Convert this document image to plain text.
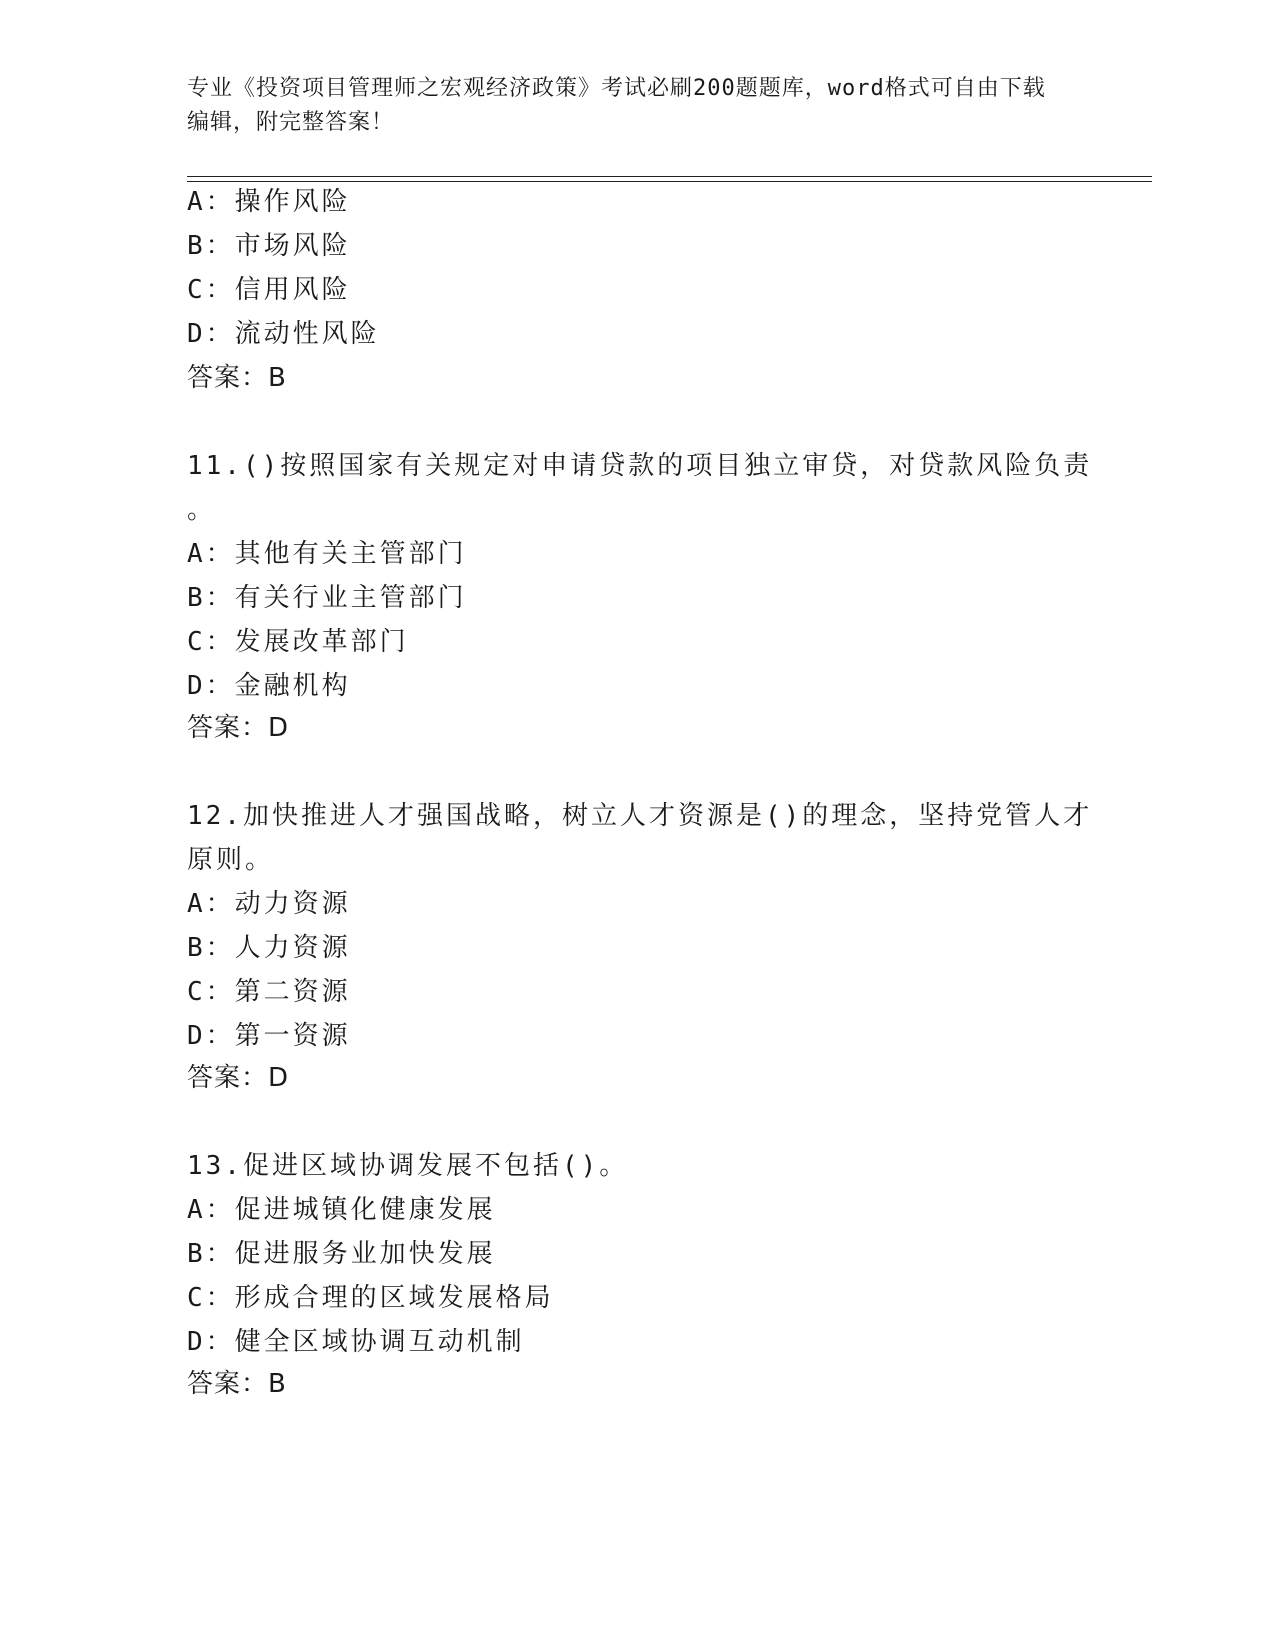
专业《投资项目管理师之宏观经济政策》考试必刷200题题库，word格式可自由下载编辑，附完整答案！
A：操作风险
B：市场风险
C：信用风险
D：流动性风险
答案：B
11.()按照国家有关规定对申请贷款的项目独立审贷，对贷款风险负责
。
A：其他有关主管部门
B：有关行业主管部门
C：发展改革部门
D：金融机构
答案：D
12.加快推进人才强国战略，树立人才资源是()的理念，坚持党管人才
原则。
A：动力资源
B：人力资源
C：第二资源
D：第一资源
答案：D
13.促进区域协调发展不包括()。
A：促进城镇化健康发展
B：促进服务业加快发展
C：形成合理的区域发展格局
D：健全区域协调互动机制
答案：B
